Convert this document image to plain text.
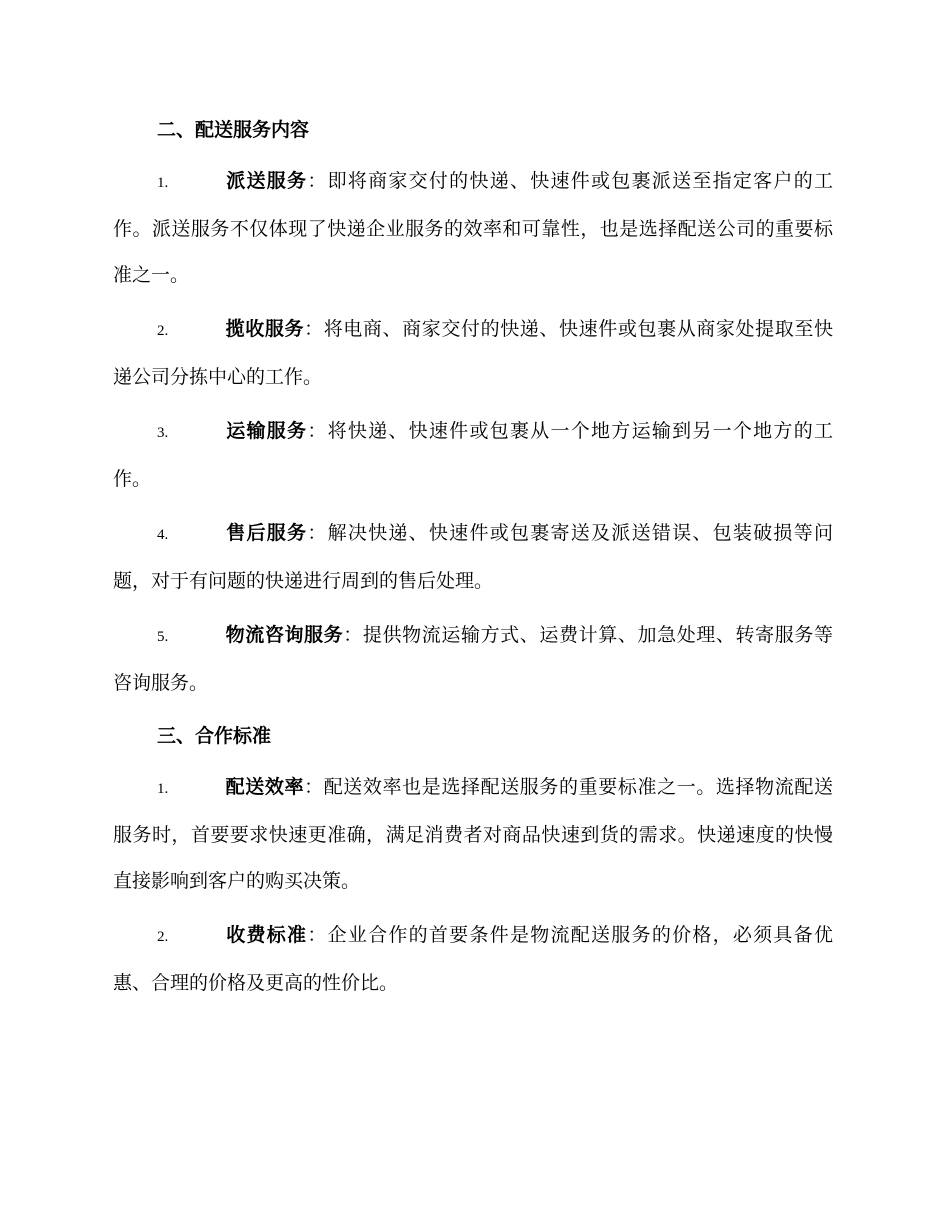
二、配送服务内容

1.	派送服务：即将商家交付的快递、快速件或包裹派送至指定客户的工作。派送服务不仅体现了快递企业服务的效率和可靠性，也是选择配送公司的重要标准之一。

2.	揽收服务：将电商、商家交付的快递、快速件或包裹从商家处提取至快递公司分拣中心的工作。

3.	运输服务：将快递、快速件或包裹从一个地方运输到另一个地方的工作。

4.	售后服务：解决快递、快速件或包裹寄送及派送错误、包装破损等问题，对于有问题的快递进行周到的售后处理。

5.	物流咨询服务：提供物流运输方式、运费计算、加急处理、转寄服务等咨询服务。

三、合作标准

1.	配送效率：配送效率也是选择配送服务的重要标准之一。选择物流配送服务时，首要要求快速更准确，满足消费者对商品快速到货的需求。快递速度的快慢直接影响到客户的购买决策。

2.	收费标准：企业合作的首要条件是物流配送服务的价格，必须具备优惠、合理的价格及更高的性价比。
